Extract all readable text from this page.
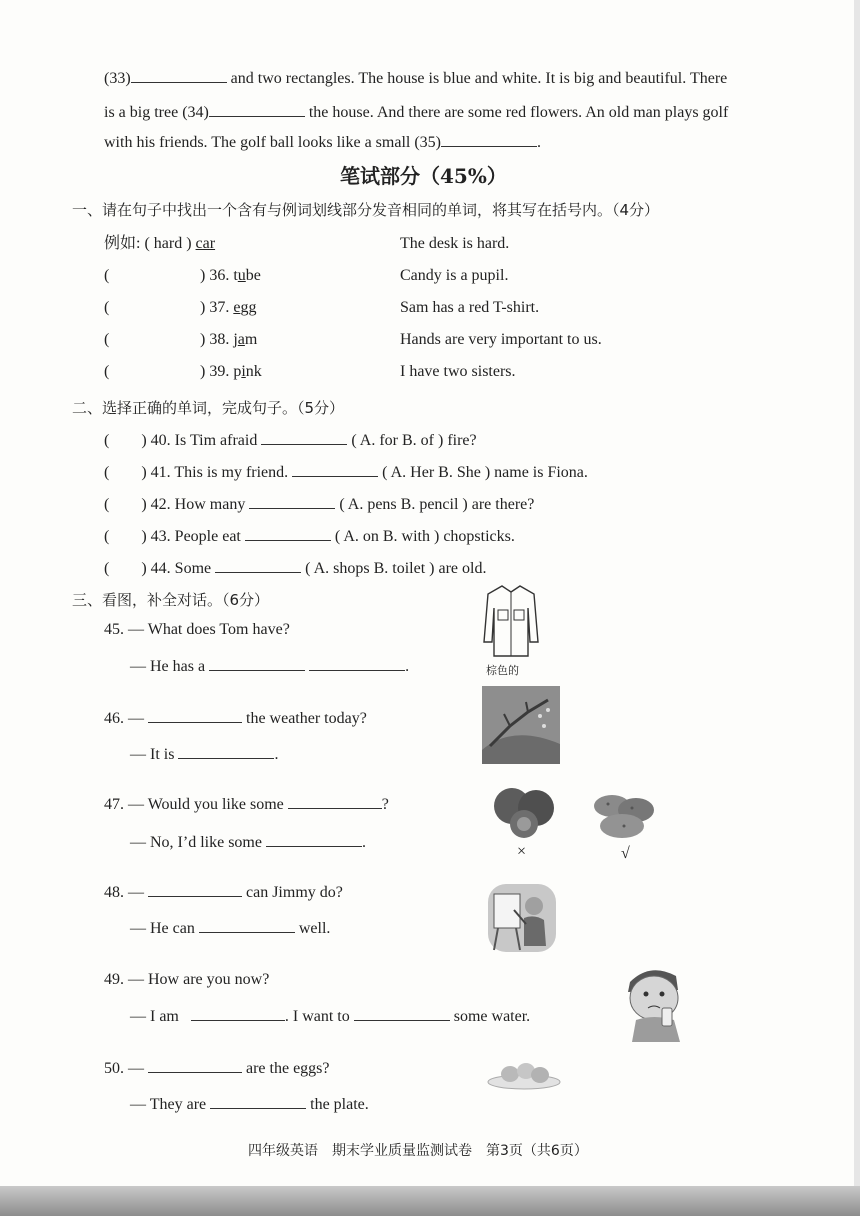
(33)	and two rectangles. The house is blue and white. It is big and beautiful. There
is a big tree (34)	the house. And there are some red flowers. An old man plays golf
with his friends. The golf ball looks like a small (35)	.
笔试部分（45%）
一、请在句子中找出一个含有与例词划线部分发音相同的单词，将其写在括号内。（4分）
例如: ( hard ) car	The desk is hard.
(	) 36. tube	Candy is a pupil.
(	) 37. egg	Sam has a red T-shirt.
(	) 38. jam	Hands are very important to us.
(	) 39. pink	I have two sisters.
二、选择正确的单词，完成句子。（5分）
(　　) 40. Is Tim afraid	( A. for B. of ) fire?
(　　) 41. This is my friend.	( A. Her B. She ) name is Fiona.
(　　) 42. How many	( A. pens B. pencil ) are there?
(　　) 43. People eat	( A. on B. with ) chopsticks.
(　　) 44. Some	( A. shops B. toilet ) are old.
三、看图，补全对话。（6分）
45. — What does Tom have?
— He has a	.	棕色的
46. —	the weather today?
— It is	.
47. — Would you like some	?
— No, I’d like some	.
×	√
48. —	can Jimmy do?
— He can	well.
49. — How are you now?
— I am	. I want to	some water.
50. —	are the eggs?
— They are	the plate.
四年级英语　期末学业质量监测试卷　第3页（共6页）
